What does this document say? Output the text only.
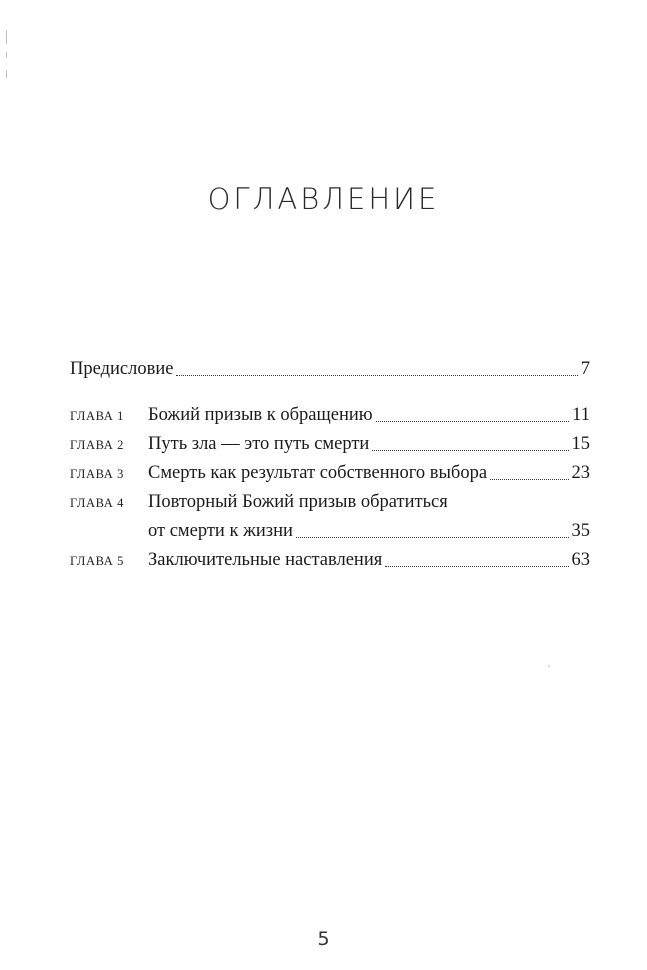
ОГЛАВЛЕНИЕ
Предисловие	7
ГЛАВА 1	Божий призыв к обращению	11
ГЛАВА 2	Путь зла — это путь смерти	15
ГЛАВА 3	Смерть как результат собственного выбора	23
ГЛАВА 4	Повторный Божий призыв обратиться
от смерти к жизни	35
ГЛАВА 5	Заключительные наставления	63
5
